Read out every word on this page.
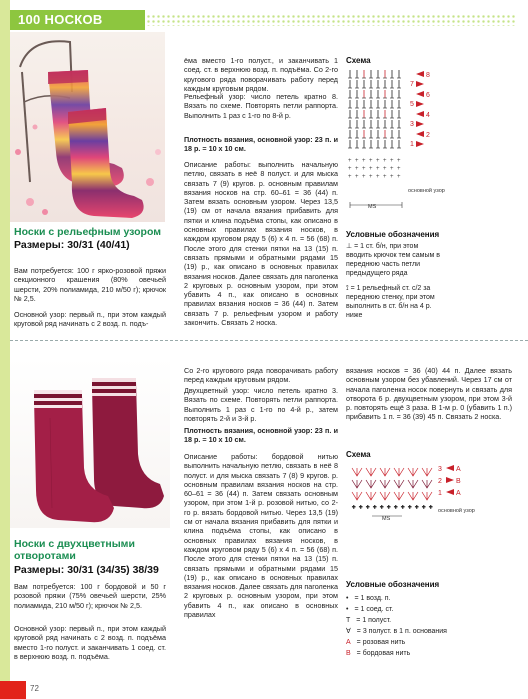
100 НОСКОВ
Носки с рельефным узором
Размеры: 30/31 (40/41)
Вам потребуется: 100 г ярко-розовой пряжи секционного крашения (80% овечьей шерсти, 20% полиамида, 210 м/50 г); крючок № 2,5.
Основной узор: первый п., при этом каждый круговой ряд начинать с 2 возд. п. подъ-
ёма вместо 1-го полуст., и заканчивать 1 соед. ст. в верхнюю возд. п. подъёма. Со 2-го кругового ряда поворачивать работу перед каждым круговым рядом.
Рельефный узор: число петель кратно 8. Вязать по схеме. Повторять петли раппорта. Выполнить 1 раз с 1-го по 8-й р.
Плотность вязания, основной узор: 23 п. и 18 р. = 10 х 10 см.
Описание работы: выполнить начальную петлю, связать в неё 8 полуст. и для мыска связать 7 (9) кругов. р. основным правилам вязания носков на стр. 60–61 = 36 (44) п. Затем вязать основным узором. Через 13,5 (19) см от начала вязания прибавить для пятки и клина подъёма стопы, как описано в основных правилах вязания носков, в каждом круговом ряду 5 (6) х 4 п. = 56 (68) п. После этого для стенки пятки на 13 (15) п. связать прямыми и обратными рядами 15 (19) р., как описано в основных правилах вязания носков. Далее связать для паголенка 2 круговых р. основным узором, при этом убавить 4 п., как описано в основных правилах вязания носков = 36 (44) п. Затем связать 7 р. рельефным узором и работу закончить. Связать 2 носка.
Схема
+ + + + + + + +
+ + + + + + + +
+ + + + + + + +
8
7
6
5
4
3
2
1
основной узор
MS
Условные обозначения
⊥ = 1 ст. б/н, при этом вводить крючок тем самым в переднюю часть петли предыдущего ряда
⟟ = 1 рельефный ст. с/2 за переднюю стенку, при этом выполнить в ст. б/н на 4 р. ниже
Носки с двухцветными отворотами
Размеры: 30/31 (34/35) 38/39
Вам потребуется: 100 г бордовой и 50 г розовой пряжи (75% овечьей шерсти, 25% полиамида, 210 м/50 г); крючок № 2,5.
Основной узор: первый п., при этом каждый круговой ряд начинать с 2 возд. п. подъёма вместо 1-го полуст. и заканчивать 1 соед. ст. в верхнюю возд. п. подъёма.
Со 2-го кругового ряда поворачивать работу перед каждым круговым рядом.
Двухцветный узор: число петель кратно 3. Вязать по схеме. Повторять петли раппорта. Выполнить 1 раз с 1-го по 4-й р., затем повторять 2-й и 3-й р.
Плотность вязания, основной узор: 23 п. и 18 р. = 10 х 10 см.
Описание работы: бордовой нитью выполнить начальную петлю, связать в неё 8 полуст. и для мыска связать 7 (8) 9 кругов. р. основным правилам вязания носков на стр. 60–61 = 36 (44) п. Затем связать основным узором, при этом 1-й р. розовой нитью, со 2-го р. вязать бордовой нитью. Через 13,5 (19) см от начала вязания прибавить для пятки и клина подъёма стопы, как описано в основных правилах вязания носков, в каждом круговом ряду 5 (6) х 4 п. = 56 (68) п. После этого для стенки пятки на 13 (15) п. связать прямыми и обратными рядами 15 (19) р., как описано в основных правилах вязания носков. Далее связать для паголенка 2 круговых р. основным узором, при этом убавить 4 п., как описано в основных правилах
вязания носков = 36 (40) 44 п. Далее вязать основным узором без убавлений. Через 17 см от начала паголенка носок повернуть и связать для отворота 6 р. двухцветным узором, при этом 3-й р. повторять ещё 3 раза. В 1-м р. 0 (убавить 1 п.) прибавить 1 п. = 36 (39) 45 п. Связать 2 носка.
Схема
+ + + + + + + + + + + +
3 A
2 B
1 A
основной узор
MS
Условные обозначения
• = 1 возд. п.
• = 1 соед. ст.
T = 1 полуст.
∀ = 3 полуст. в 1 п. основания
A = розовая нить
B = бордовая нить
72
